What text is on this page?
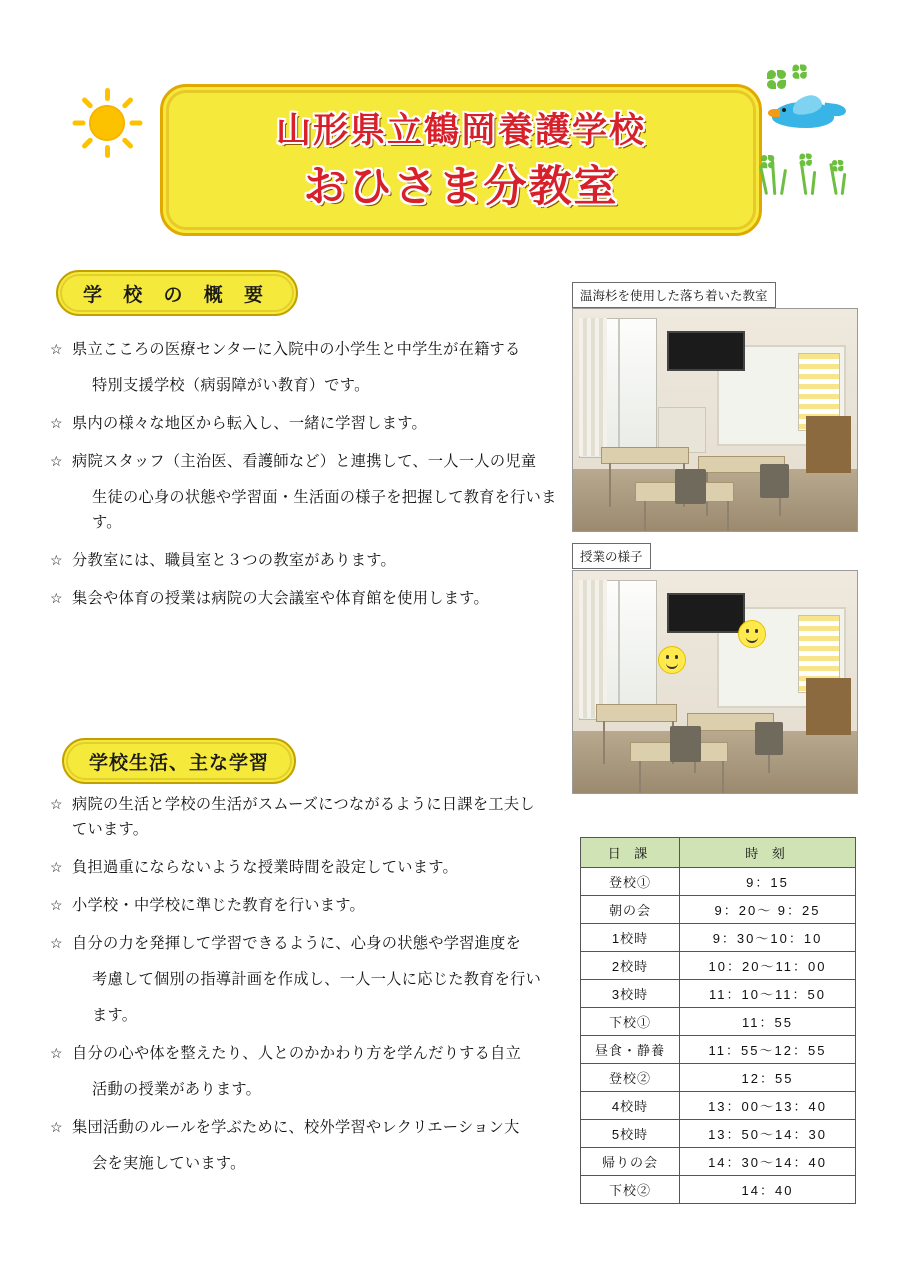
山形県立鶴岡養護学校
おひさま分教室
学 校 の 概 要
☆ 県立こころの医療センターに入院中の小学生と中学生が在籍する
特別支援学校（病弱障がい教育）です。
☆ 県内の様々な地区から転入し、一緒に学習します。
☆ 病院スタッフ（主治医、看護師など）と連携して、一人一人の児童
生徒の心身の状態や学習面・生活面の様子を把握して教育を行います。
☆ 分教室には、職員室と３つの教室があります。
☆ 集会や体育の授業は病院の大会議室や体育館を使用します。
温海杉を使用した落ち着いた教室
授業の様子
学校生活、主な学習
☆ 病院の生活と学校の生活がスムーズにつながるように日課を工夫しています。
☆ 負担過重にならないような授業時間を設定しています。
☆ 小学校・中学校に準じた教育を行います。
☆ 自分の力を発揮して学習できるように、心身の状態や学習進度を
考慮して個別の指導計画を作成し、一人一人に応じた教育を行い
ます。
☆ 自分の心や体を整えたり、人とのかかわり方を学んだりする自立
活動の授業があります。
☆ 集団活動のルールを学ぶために、校外学習やレクリエーション大
会を実施しています。
日 課	時 刻
登校①	9：15
朝の会	9：20～ 9：25
1校時	9：30～10：10
2校時	10：20～11：00
3校時	11：10～11：50
下校①	11：55
昼食・静養	11：55～12：55
登校②	12：55
4校時	13：00～13：40
5校時	13：50～14：30
帰りの会	14：30～14：40
下校②	14：40
